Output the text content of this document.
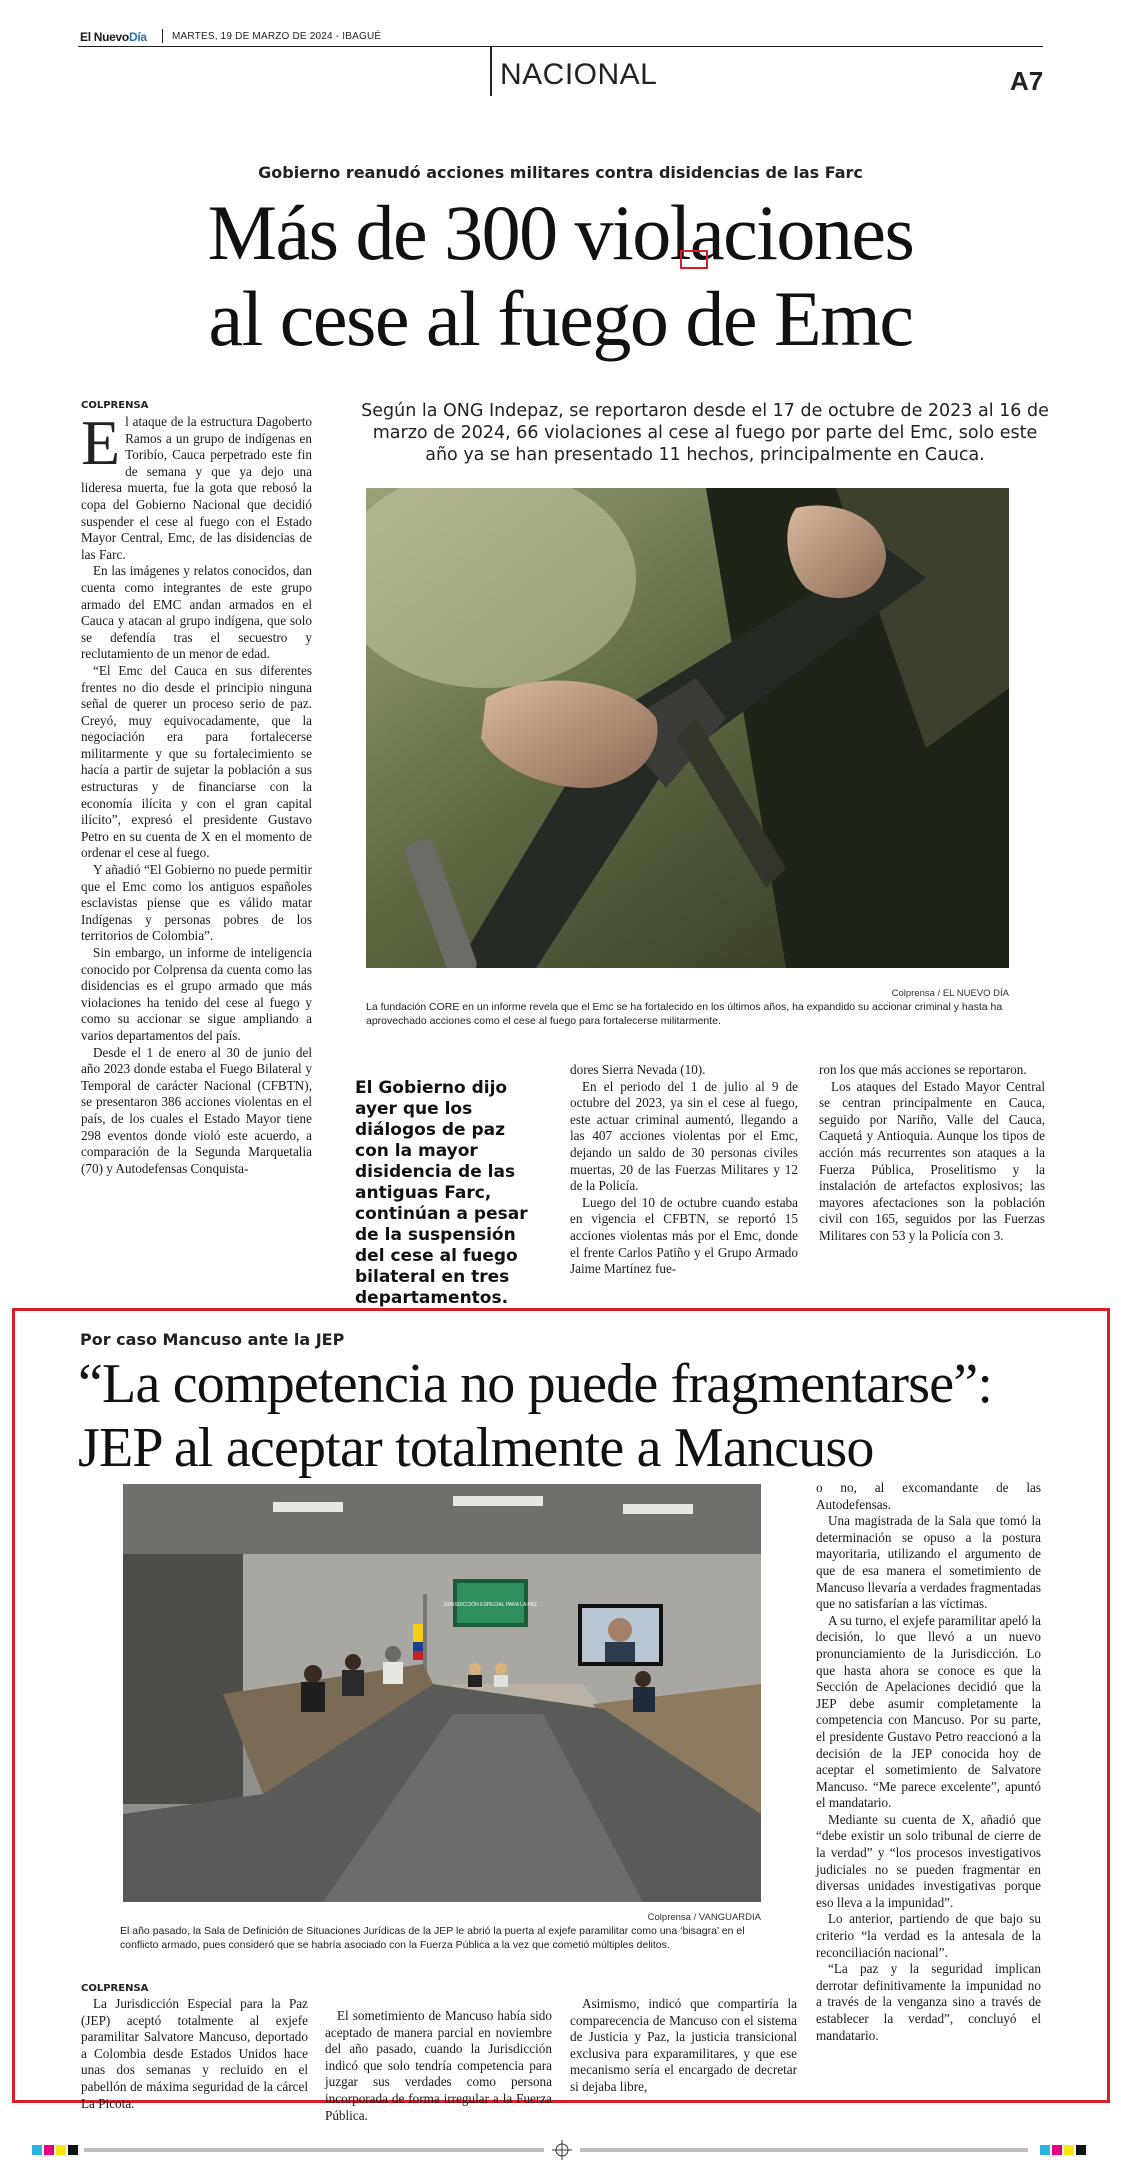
El NuevoDía	MARTES, 19 DE MARZO DE 2024 - IBAGUÉ
NACIONAL	A7
Gobierno reanudó acciones militares contra disidencias de las Farc
Más de 300 violaciones
al cese al fuego de Emc
COLPRENSA
E l ataque de la estructura Dagoberto Ramos a un grupo de indígenas en Toribío, Cauca perpetrado este fin de semana y que ya dejo una lideresa muerta, fue la gota que rebosó la copa del Gobierno Nacional que decidió suspender el cese al fuego con el Estado Mayor Central, Emc, de las disidencias de las Farc.

En las imágenes y relatos conocidos, dan cuenta como integrantes de este grupo armado del EMC andan armados en el Cauca y atacan al grupo indígena, que solo se defendía tras el secuestro y reclutamiento de un menor de edad.

“El Emc del Cauca en sus diferentes frentes no dio desde el principio ninguna señal de querer un proceso serio de paz. Creyó, muy equivocadamente, que la negociación era para fortalecerse militarmente y que su fortalecimiento se hacía a partir de sujetar la población a sus estructuras y de financiarse con la economía ilícita y con el gran capital ilícito”, expresó el presidente Gustavo Petro en su cuenta de X en el momento de ordenar el cese al fuego.

Y añadió “El Gobierno no puede permitir que el Emc como los antiguos españoles esclavistas piense que es válido matar Indígenas y personas pobres de los territorios de Colombia”.

Sin embargo, un informe de inteligencia conocido por Colprensa da cuenta como las disidencias es el grupo armado que más violaciones ha tenido del cese al fuego y como su accionar se sigue ampliando a varios departamentos del país.

Desde el 1 de enero al 30 de junio del año 2023 donde estaba el Fuego Bilateral y Temporal de carácter Nacional (CFBTN), se presentaron 386 acciones violentas en el país, de los cuales el Estado Mayor tiene 298 eventos donde violó este acuerdo, a comparación de la Segunda Marquetalia (70) y Autodefensas Conquista-

Según la ONG Indepaz, se reportaron desde el 17 de octubre de 2023 al 16 de marzo de 2024, 66 violaciones al cese al fuego por parte del Emc, solo este año ya se han presentado 11 hechos, principalmente en Cauca.
Colprensa / EL NUEVO DÍA
La fundación CORE en un informe revela que el Emc se ha fortalecido en los últimos años, ha expandido su accionar criminal y hasta ha aprovechado acciones como el cese al fuego para fortalecerse militarmente.
El Gobierno dijo ayer que los diálogos de paz con la mayor disidencia de las antiguas Farc, continúan a pesar de la suspensión del cese al fuego bilateral en tres departamentos.

dores Sierra Nevada (10).

En el periodo del 1 de julio al 9 de octubre del 2023, ya sin el cese al fuego, este actuar criminal aumentó, llegando a las 407 acciones violentas por el Emc, dejando un saldo de 30 personas civiles muertas, 20 de las Fuerzas Militares y 12 de la Policía.

Luego del 10 de octubre cuando estaba en vigencia el CFBTN, se reportó 15 acciones violentas más por el Emc, donde el frente Carlos Patiño y el Grupo Armado Jaime Martínez fue-

ron los que más acciones se reportaron.

Los ataques del Estado Mayor Central se centran principalmente en Cauca, seguido por Nariño, Valle del Cauca, Caquetá y Antioquia. Aunque los tipos de acción más recurrentes son ataques a la Fuerza Pública, Proselitismo y la instalación de artefactos explosivos; las mayores afectaciones son la población civil con 165, seguidos por las Fuerzas Militares con 53 y la Policía con 3.

Por caso Mancuso ante la JEP
“La competencia no puede fragmentarse”:
JEP al aceptar totalmente a Mancuso
JURISDICCIÓN ESPECIAL PARA LA PAZ
Colprensa / VANGUARDIA
El año pasado, la Sala de Definición de Situaciones Jurídicas de la JEP le abrió la puerta al exjefe paramilitar como una ‘bisagra’ en el conflicto armado, pues consideró que se habría asociado con la Fuerza Pública a la vez que cometió múltiples delitos.
COLPRENSA

La Jurisdicción Especial para la Paz (JEP) aceptó totalmente al exjefe paramilitar Salvatore Mancuso, deportado a Colombia desde Estados Unidos hace unas dos semanas y recluido en el pabellón de máxima seguridad de la cárcel La Picota.

El sometimiento de Mancuso había sido aceptado de manera parcial en noviembre del año pasado, cuando la Jurisdicción indicó que solo tendría competencia para juzgar sus verdades como persona incorporada de forma irregular a la Fuerza Pública.

Asimismo, indicó que compartiría la comparecencia de Mancuso con el sistema de Justicia y Paz, la justicia transicional exclusiva para exparamilitares, y que ese mecanismo sería el encargado de decretar si dejaba libre,

o no, al excomandante de las Autodefensas.

Una magistrada de la Sala que tomó la determinación se opuso a la postura mayoritaria, utilizando el argumento de que de esa manera el sometimiento de Mancuso llevaría a verdades fragmentadas que no satisfarían a las víctimas.

A su turno, el exjefe paramilitar apeló la decisión, lo que llevó a un nuevo pronunciamiento de la Jurisdicción. Lo que hasta ahora se conoce es que la Sección de Apelaciones decidió que la JEP debe asumir completamente la competencia con Mancuso. Por su parte, el presidente Gustavo Petro reaccionó a la decisión de la JEP conocida hoy de aceptar el sometimiento de Salvatore Mancuso. “Me parece excelente”, apuntó el mandatario.

Mediante su cuenta de X, añadió que “debe existir un solo tribunal de cierre de la verdad” y “los procesos investigativos judiciales no se pueden fragmentar en diversas unidades investigativas porque eso lleva a la impunidad”.

Lo anterior, partiendo de que bajo su criterio “la verdad es la antesala de la reconciliación nacional”.

“La paz y la seguridad implican derrotar definitivamente la impunidad no a través de la venganza sino a través de establecer la verdad”, concluyó el mandatario.
